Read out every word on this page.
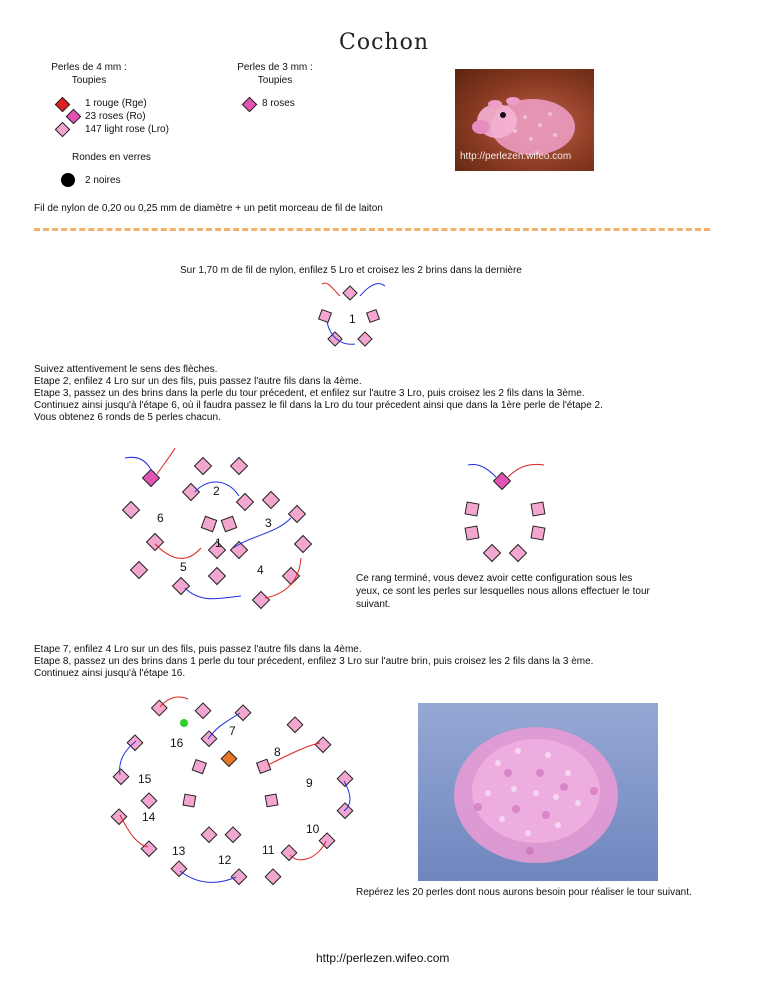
Cochon
Perles de 4 mm :
Toupies
Perles de 3 mm :
Toupies
1 rouge (Rge)
23 roses (Ro)
147 light rose (Lro)
8 roses
Rondes en verres
2 noires
Fil de nylon de 0,20 ou 0,25 mm de diamètre + un petit morceau de fil de laiton
http://perlezen.wifeo.com
Sur 1,70 m de fil de nylon, enfilez 5 Lro et croisez les 2 brins dans la dernière
1

Suivez attentivement le sens des flèches.

Etape 2, enfilez 4 Lro sur un des fils, puis passez l'autre fils dans la 4ème.

Etape 3, passez un des brins dans la perle du tour précedent, et enfilez sur l'autre 3 Lro, puis croisez les 2 fils dans la 3ème.

Continuez ainsi jusqu'à l'étape 6, où il faudra passez le fil dans la Lro du tour précedent ainsi que dans la 1ère perle de l'étape 2.

Vous obtenez 6 ronds de 5 perles chacun.

2
3
1
4
5
6
Ce rang terminé, vous devez avoir cette configuration sous les yeux, ce sont les perles sur lesquelles nous allons effectuer le tour suivant.

Etape 7, enfilez 4 Lro sur un des fils, puis passez l'autre fils dans la 4ème.

Etape 8, passez un des brins dans 1 perle du tour précedent, enfilez 3 Lro sur l'autre brin, puis croisez les 2 fils dans la 3 ème.

Continuez ainsi jusqu'à l'étape 16.

7
16
8
15	9
14
10
13
12
11
Repérez les 20 perles dont nous aurons besoin pour réaliser le tour suivant.
http://perlezen.wifeo.com
